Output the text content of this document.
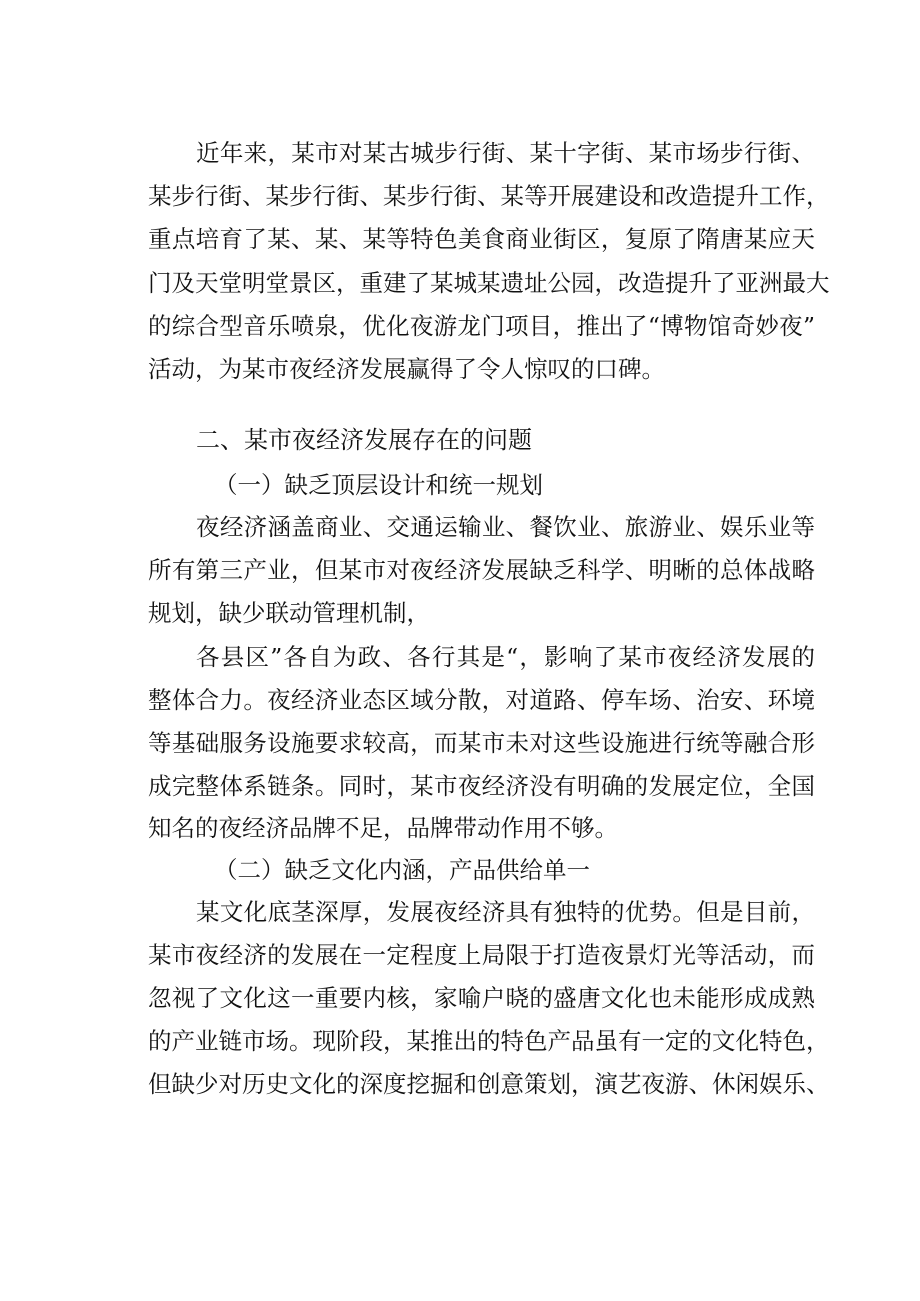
近年来，某市对某古城步行街、某十字街、某市场步行街、
某步行街、某步行街、某步行街、某等开展建设和改造提升工作，
重点培育了某、某、某等特色美食商业街区，复原了隋唐某应天
门及天堂明堂景区，重建了某城某遗址公园，改造提升了亚洲最大
的综合型音乐喷泉，优化夜游龙门项目，推出了“博物馆奇妙夜”
活动，为某市夜经济发展赢得了令人惊叹的口碑。
二、某市夜经济发展存在的问题
（一）缺乏顶层设计和统一规划
夜经济涵盖商业、交通运输业、餐饮业、旅游业、娱乐业等
所有第三产业，但某市对夜经济发展缺乏科学、明晰的总体战略
规划，缺少联动管理机制，
各县区”各自为政、各行其是“，影响了某市夜经济发展的
整体合力。夜经济业态区域分散，对道路、停车场、治安、环境
等基础服务设施要求较高，而某市未对这些设施进行统等融合形
成完整体系链条。同时，某市夜经济没有明确的发展定位，全国
知名的夜经济品牌不足，品牌带动作用不够。
（二）缺乏文化内涵，产品供给单一
某文化底茎深厚，发展夜经济具有独特的优势。但是目前，
某市夜经济的发展在一定程度上局限于打造夜景灯光等活动，而
忽视了文化这一重要内核，家喻户晓的盛唐文化也未能形成成熟
的产业链市场。现阶段，某推出的特色产品虽有一定的文化特色，
但缺少对历史文化的深度挖掘和创意策划，演艺夜游、休闲娱乐、
